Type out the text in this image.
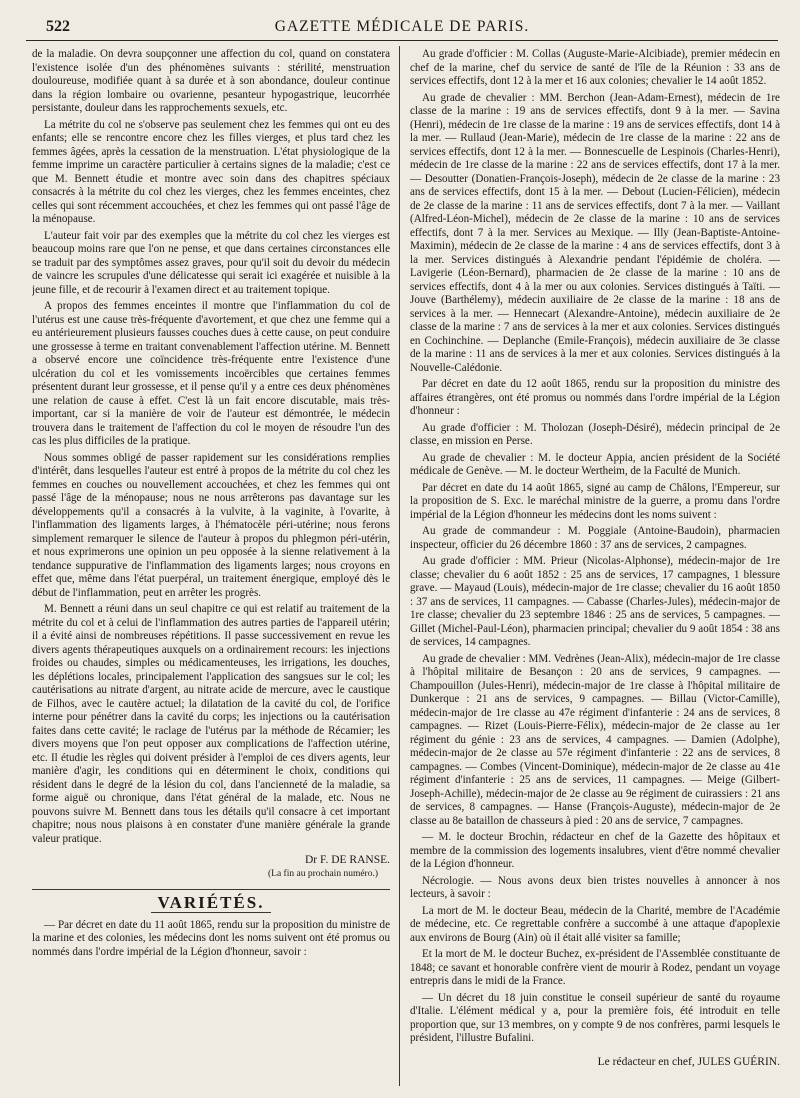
522	GAZETTE MÉDICALE DE PARIS.

de la maladie. On devra soupçonner une affection du col, quand on constatera l'existence isolée d'un des phénomènes suivants : stérilité, menstruation douloureuse, modifiée quant à sa durée et à son abondance, douleur continue dans la région lombaire ou ovarienne, pesanteur hypogastrique, leucorrhée persistante, douleur dans les rapprochements sexuels, etc.

La métrite du col ne s'observe pas seulement chez les femmes qui ont eu des enfants; elle se rencontre encore chez les filles vierges, et plus tard chez les femmes âgées, après la cessation de la menstruation. L'état physiologique de la femme imprime un caractère particulier à certains signes de la maladie; c'est ce que M. Bennett étudie et montre avec soin dans des chapitres spéciaux consacrés à la métrite du col chez les vierges, chez les femmes enceintes, chez celles qui sont récemment accouchées, et chez les femmes qui ont passé l'âge de la ménopause.

L'auteur fait voir par des exemples que la métrite du col chez les vierges est beaucoup moins rare que l'on ne pense, et que dans certaines circonstances elle se traduit par des symptômes assez graves, pour qu'il soit du devoir du médecin de vaincre les scrupules d'une délicatesse qui serait ici exagérée et nuisible à la jeune fille, et de recourir à l'examen direct et au traitement topique.

A propos des femmes enceintes il montre que l'inflammation du col de l'utérus est une cause très-fréquente d'avortement, et que chez une femme qui a eu antérieurement plusieurs fausses couches dues à cette cause, on peut conduire une grossesse à terme en traitant convenablement l'affection utérine. M. Bennett a observé encore une coïncidence très-fréquente entre l'existence d'une ulcération du col et les vomissements incoërcibles que certaines femmes présentent durant leur grossesse, et il pense qu'il y a entre ces deux phénomènes une relation de cause à effet. C'est là un fait encore discutable, mais très-important, car si la manière de voir de l'auteur est démontrée, le médecin trouvera dans le traitement de l'affection du col le moyen de résoudre l'un des cas les plus difficiles de la pratique.

Nous sommes obligé de passer rapidement sur les considérations remplies d'intérêt, dans lesquelles l'auteur est entré à propos de la métrite du col chez les femmes en couches ou nouvellement accouchées, et chez les femmes qui ont passé l'âge de la ménopause; nous ne nous arrêterons pas davantage sur les développements qu'il a consacrés à la vulvite, à la vaginite, à l'ovarite, à l'inflammation des ligaments larges, à l'hématocèle péri-utérine; nous ferons simplement remarquer le silence de l'auteur à propos du phlegmon péri-utérin, et nous exprimerons une opinion un peu opposée à la sienne relativement à la tendance suppurative de l'inflammation des ligaments larges; nous croyons en effet que, même dans l'état puerpéral, un traitement énergique, employé dès le début de l'inflammation, peut en arrêter les progrès.

M. Bennett a réuni dans un seul chapitre ce qui est relatif au traitement de la métrite du col et à celui de l'inflammation des autres parties de l'appareil utérin; il a évité ainsi de nombreuses répétitions. Il passe successivement en revue les divers agents thérapeutiques auxquels on a ordinairement recours: les injections froides ou chaudes, simples ou médicamenteuses, les irrigations, les douches, les déplétions locales, principalement l'application des sangsues sur le col; les cautérisations au nitrate d'argent, au nitrate acide de mercure, avec le caustique de Filhos, avec le cautère actuel; la dilatation de la cavité du col, de l'orifice interne pour pénétrer dans la cavité du corps; les injections ou la cautérisation faites dans cette cavité; le raclage de l'utérus par la méthode de Récamier; les divers moyens que l'on peut opposer aux complications de l'affection utérine, etc. Il étudie les règles qui doivent présider à l'emploi de ces divers agents, leur manière d'agir, les conditions qui en déterminent le choix, conditions qui résident dans le degré de la lésion du col, dans l'ancienneté de la maladie, sa forme aiguë ou chronique, dans l'état général de la malade, etc. Nous ne pouvons suivre M. Bennett dans tous les détails qu'il consacre à cet important chapitre; nous nous plaisons à en constater d'une manière générale la grande valeur pratique.

Dr F. DE RANSE.
(La fin au prochain numéro.)
VARIÉTÉS.

— Par décret en date du 11 août 1865, rendu sur la proposition du ministre de la marine et des colonies, les médecins dont les noms suivent ont été promus ou nommés dans l'ordre impérial de la Légion d'honneur, savoir :

Au grade d'officier : M. Collas (Auguste-Marie-Alcibiade), premier médecin en chef de la marine, chef du service de santé de l'île de la Réunion : 33 ans de services effectifs, dont 12 à la mer et 16 aux colonies; chevalier le 14 août 1852.

Au grade de chevalier : MM. Berchon (Jean-Adam-Ernest), médecin de 1re classe de la marine : 19 ans de services effectifs, dont 9 à la mer. — Savina (Henri), médecin de 1re classe de la marine : 19 ans de services effectifs, dont 14 à la mer. — Rullaud (Jean-Marie), médecin de 1re classe de la marine : 22 ans de services effectifs, dont 12 à la mer. — Bonnescuelle de Lespinois (Charles-Henri), médecin de 1re classe de la marine : 22 ans de services effectifs, dont 17 à la mer. — Desoutter (Donatien-François-Joseph), médecin de 2e classe de la marine : 23 ans de services effectifs, dont 15 à la mer. — Debout (Lucien-Félicien), médecin de 2e classe de la marine : 11 ans de services effectifs, dont 7 à la mer. — Vaillant (Alfred-Léon-Michel), médecin de 2e classe de la marine : 10 ans de services effectifs, dont 7 à la mer. Services au Mexique. — Illy (Jean-Baptiste-Antoine-Maximin), médecin de 2e classe de la marine : 4 ans de services effectifs, dont 3 à la mer. Services distingués à Alexandrie pendant l'épidémie de choléra. — Lavigerie (Léon-Bernard), pharmacien de 2e classe de la marine : 10 ans de services effectifs, dont 4 à la mer ou aux colonies. Services distingués à Taïti. — Jouve (Barthélemy), médecin auxiliaire de 2e classe de la marine : 18 ans de services à la mer. — Hennecart (Alexandre-Antoine), médecin auxiliaire de 2e classe de la marine : 7 ans de services à la mer et aux colonies. Services distingués en Cochinchine. — Deplanche (Emile-François), médecin auxiliaire de 3e classe de la marine : 11 ans de services à la mer et aux colonies. Services distingués à la Nouvelle-Calédonie.

Par décret en date du 12 août 1865, rendu sur la proposition du ministre des affaires étrangères, ont été promus ou nommés dans l'ordre impérial de la Légion d'honneur :

Au grade d'officier : M. Tholozan (Joseph-Désiré), médecin principal de 2e classe, en mission en Perse.

Au grade de chevalier : M. le docteur Appia, ancien président de la Société médicale de Genève. — M. le docteur Wertheim, de la Faculté de Munich.

Par décret en date du 14 août 1865, signé au camp de Châlons, l'Empereur, sur la proposition de S. Exc. le maréchal ministre de la guerre, a promu dans l'ordre impérial de la Légion d'honneur les médecins dont les noms suivent :

Au grade de commandeur : M. Poggiale (Antoine-Baudoin), pharmacien inspecteur, officier du 26 décembre 1860 : 37 ans de services, 2 campagnes.

Au grade d'officier : MM. Prieur (Nicolas-Alphonse), médecin-major de 1re classe; chevalier du 6 août 1852 : 25 ans de services, 17 campagnes, 1 blessure grave. — Mayaud (Louis), médecin-major de 1re classe; chevalier du 16 août 1850 : 37 ans de services, 11 campagnes. — Cabasse (Charles-Jules), médecin-major de 1re classe; chevalier du 23 septembre 1846 : 25 ans de services, 5 campagnes. — Gillet (Michel-Paul-Léon), pharmacien principal; chevalier du 9 août 1854 : 38 ans de services, 14 campagnes.

Au grade de chevalier : MM. Vedrènes (Jean-Alix), médecin-major de 1re classe à l'hôpital militaire de Besançon : 20 ans de services, 9 campagnes. — Champouillon (Jules-Henri), médecin-major de 1re classe à l'hôpital militaire de Dunkerque : 21 ans de services, 9 campagnes. — Billau (Victor-Camille), médecin-major de 1re classe au 47e régiment d'infanterie : 24 ans de services, 8 campagnes. — Rizet (Louis-Pierre-Félix), médecin-major de 2e classe au 1er régiment du génie : 23 ans de services, 4 campagnes. — Damien (Adolphe), médecin-major de 2e classe au 57e régiment d'infanterie : 22 ans de services, 8 campagnes. — Combes (Vincent-Dominique), médecin-major de 2e classe au 41e régiment d'infanterie : 25 ans de services, 11 campagnes. — Meige (Gilbert-Joseph-Achille), médecin-major de 2e classe au 9e régiment de cuirassiers : 21 ans de services, 8 campagnes. — Hanse (François-Auguste), médecin-major de 2e classe au 8e bataillon de chasseurs à pied : 20 ans de service, 7 campagnes.

— M. le docteur Brochin, rédacteur en chef de la Gazette des hôpitaux et membre de la commission des logements insalubres, vient d'être nommé chevalier de la Légion d'honneur.

Nécrologie. — Nous avons deux bien tristes nouvelles à annoncer à nos lecteurs, à savoir :

La mort de M. le docteur Beau, médecin de la Charité, membre de l'Académie de médecine, etc. Ce regrettable confrère a succombé à une attaque d'apoplexie aux environs de Bourg (Ain) où il était allé visiter sa famille;

Et la mort de M. le docteur Buchez, ex-président de l'Assemblée constituante de 1848; ce savant et honorable confrère vient de mourir à Rodez, pendant un voyage entrepris dans le midi de la France.

— Un décret du 18 juin constitue le conseil supérieur de santé du royaume d'Italie. L'élément médical y a, pour la première fois, été introduit en telle proportion que, sur 13 membres, on y compte 9 de nos confrères, parmi lesquels le président, l'illustre Bufalini.

Le rédacteur en chef, JULES GUÉRIN.
